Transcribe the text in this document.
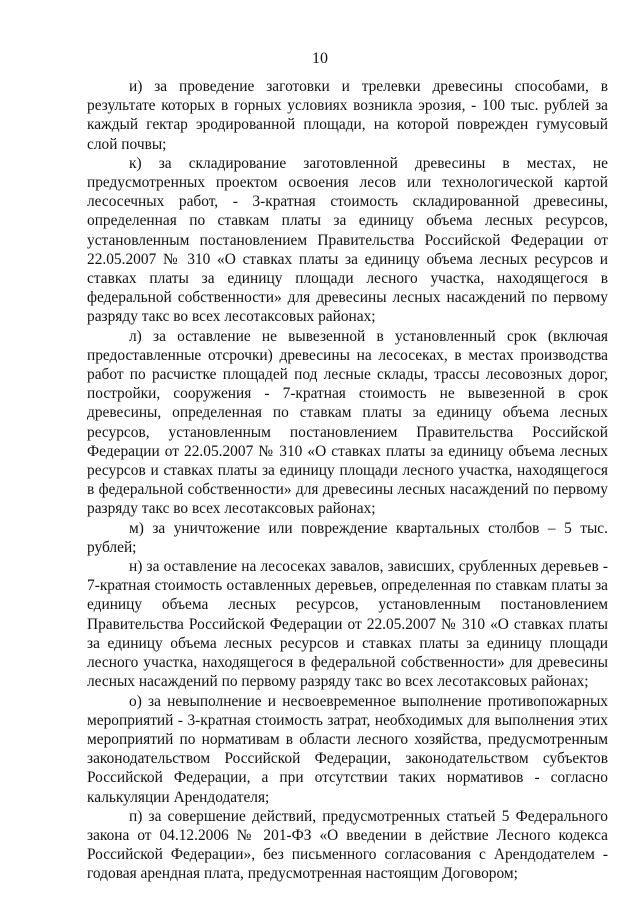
10

и) за проведение заготовки и трелевки древесины способами, в результате которых в горных условиях возникла эрозия, - 100 тыс. рублей за каждый гектар эродированной площади, на которой поврежден гумусовый слой почвы;

к) за складирование заготовленной древесины в местах, не предусмотренных проектом освоения лесов или технологической картой лесосечных работ, - 3-кратная стоимость складированной древесины, определенная по ставкам платы за единицу объема лесных ресурсов, установленным постановлением Правительства Российской Федерации от 22.05.2007 № 310 «О ставках платы за единицу объема лесных ресурсов и ставках платы за единицу площади лесного участка, находящегося в федеральной собственности» для древесины лесных насаждений по первому разряду такс во всех лесотаксовых районах;

л) за оставление не вывезенной в установленный срок (включая предоставленные отсрочки) древесины на лесосеках, в местах производства работ по расчистке площадей под лесные склады, трассы лесовозных дорог, постройки, сооружения - 7-кратная стоимость не вывезенной в срок древесины, определенная по ставкам платы за единицу объема лесных ресурсов, установленным постановлением Правительства Российской Федерации от 22.05.2007 № 310 «О ставках платы за единицу объема лесных ресурсов и ставках платы за единицу площади лесного участка, находящегося в федеральной собственности» для древесины лесных насаждений по первому разряду такс во всех лесотаксовых районах;

м) за уничтожение или повреждение квартальных столбов – 5 тыс. рублей;

н) за оставление на лесосеках завалов, зависших, срубленных деревьев - 7-кратная стоимость оставленных деревьев, определенная по ставкам платы за единицу объема лесных ресурсов, установленным постановлением Правительства Российской Федерации от 22.05.2007 № 310 «О ставках платы за единицу объема лесных ресурсов и ставках платы за единицу площади лесного участка, находящегося в федеральной собственности» для древесины лесных насаждений по первому разряду такс во всех лесотаксовых районах;

о) за невыполнение и несвоевременное выполнение противопожарных мероприятий - 3-кратная стоимость затрат, необходимых для выполнения этих мероприятий по нормативам в области лесного хозяйства, предусмотренным законодательством Российской Федерации, законодательством субъектов Российской Федерации, а при отсутствии таких нормативов - согласно калькуляции Арендодателя;

п) за совершение действий, предусмотренных статьей 5 Федерального закона от 04.12.2006 № 201-ФЗ «О введении в действие Лесного кодекса Российской Федерации», без письменного согласования с Арендодателем - годовая арендная плата, предусмотренная настоящим Договором;
